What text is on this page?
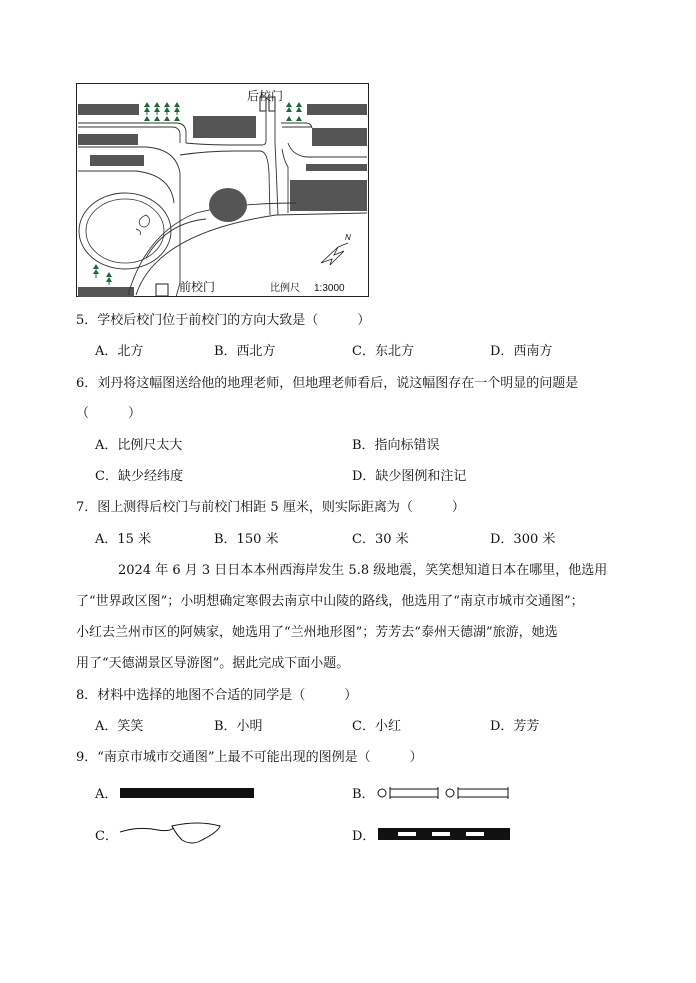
后校门
前校门	比例尺 1:3000
N
5．学校后校门位于前校门的方向大致是（　　　）
A．北方	B．西北方	C．东北方	D．西南方
6．刘丹将这幅图送给他的地理老师，但地理老师看后，说这幅图存在一个明显的问题是
（　　　）
A．比例尺太大	B．指向标错误
C．缺少经纬度	D．缺少图例和注记
7．图上测得后校门与前校门相距 5 厘米，则实际距离为（　　　）
A．15 米	B．150 米	C．30 米	D．300 米
2024 年 6 月 3 日日本本州西海岸发生 5.8 级地震，笑笑想知道日本在哪里，他选用
了“世界政区图”；小明想确定寒假去南京中山陵的路线，他选用了“南京市城市交通图”；
小红去兰州市区的阿姨家，她选用了“兰州地形图”；芳芳去“泰州天德湖”旅游，她选
用了“天德湖景区导游图”。据此完成下面小题。
8．材料中选择的地图不合适的同学是（　　　）
A．笑笑	B．小明	C．小红	D．芳芳
9．“南京市城市交通图”上最不可能出现的图例是（　　　）
A．	B．
C．	D．
